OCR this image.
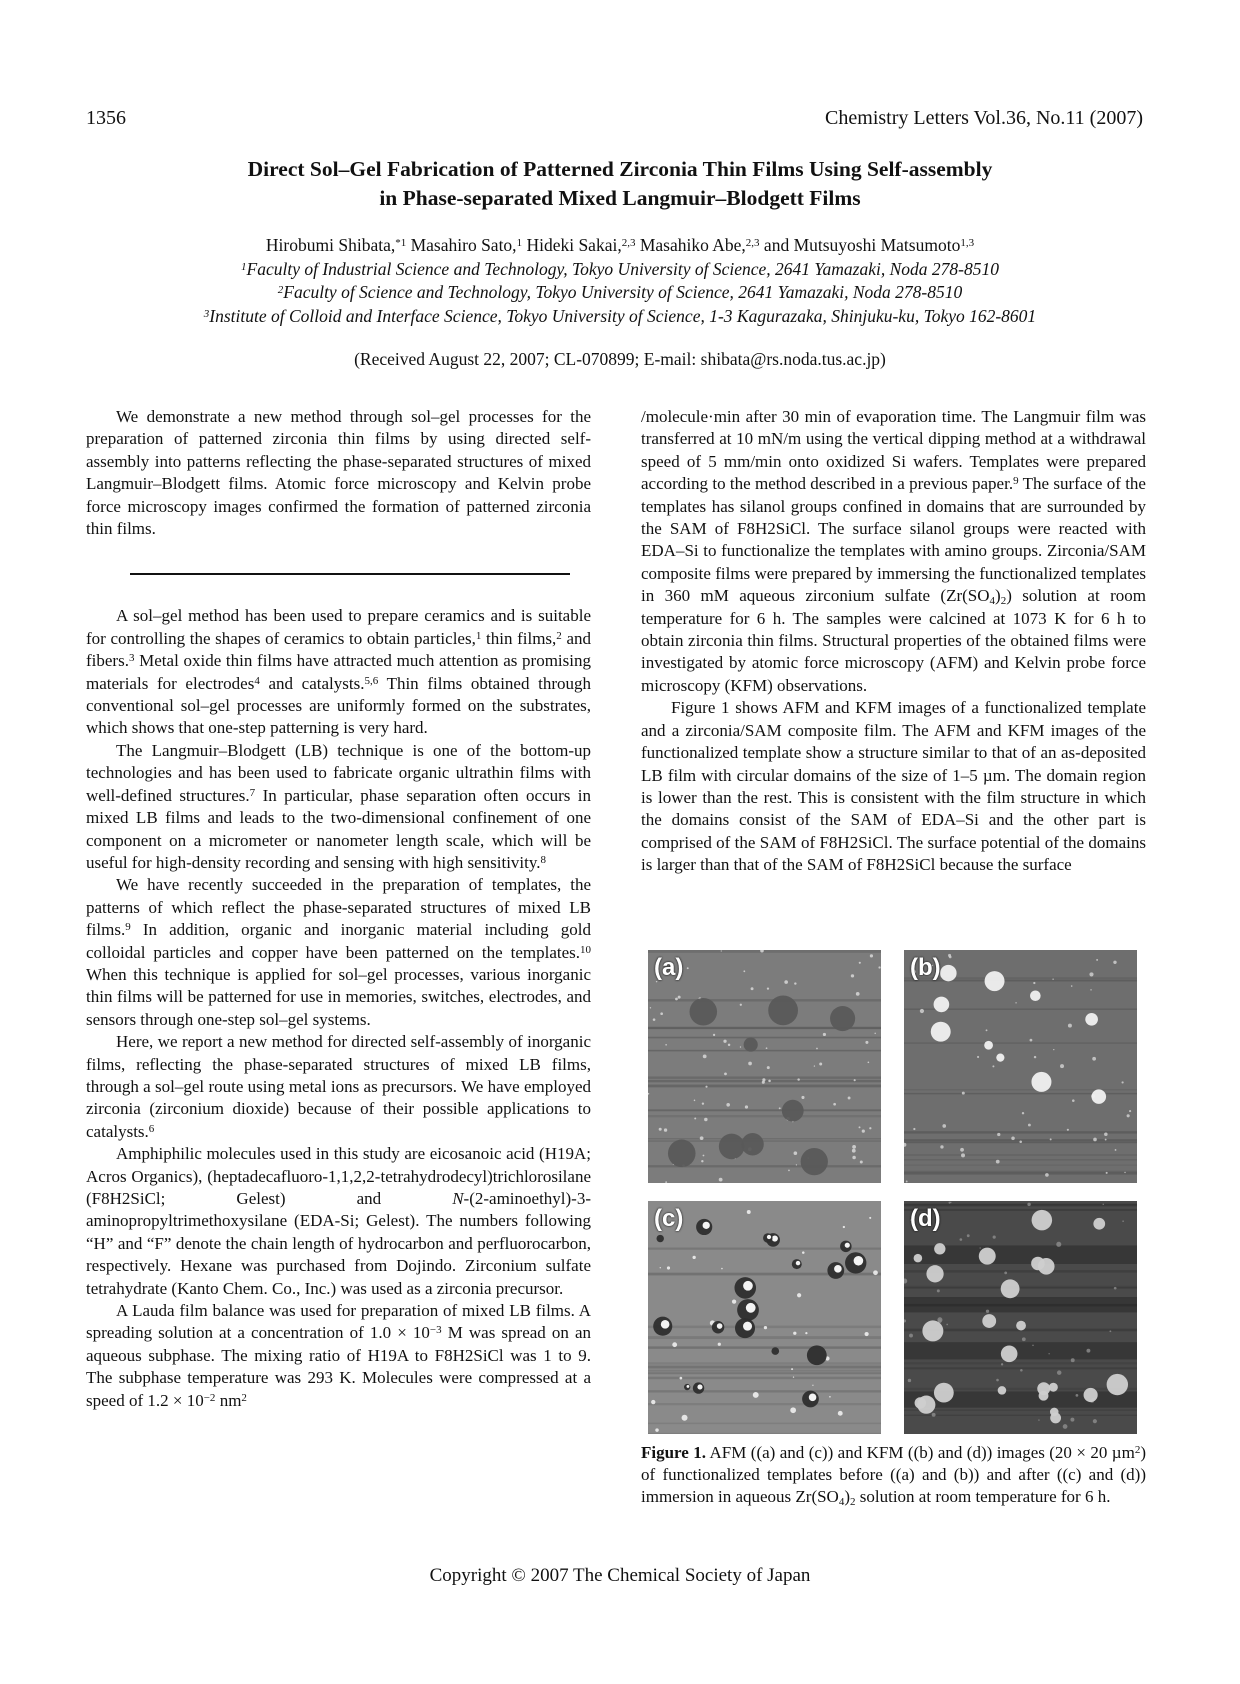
1356	Chemistry Letters Vol.36, No.11 (2007)
Direct Sol–Gel Fabrication of Patterned Zirconia Thin Films Using Self-assembly
in Phase-separated Mixed Langmuir–Blodgett Films
Hirobumi Shibata,$^{*1}$ Masahiro Sato,$^1$ Hideki Sakai,$^{2,3}$ Masahiko Abe,$^{2,3}$ and Mutsuyoshi Matsumoto$^{1,3}$
$^1$Faculty of Industrial Science and Technology, Tokyo University of Science, 2641 Yamazaki, Noda 278-8510
$^2$Faculty of Science and Technology, Tokyo University of Science, 2641 Yamazaki, Noda 278-8510
$^3$Institute of Colloid and Interface Science, Tokyo University of Science, 1-3 Kagurazaka, Shinjuku-ku, Tokyo 162-8601
(Received August 22, 2007; CL-070899; E-mail: shibata@rs.noda.tus.ac.jp)

We demonstrate a new method through sol–gel processes for the preparation of patterned zirconia thin films by using directed self-assembly into patterns reflecting the phase-separated structures of mixed Langmuir–Blodgett films. Atomic force microscopy and Kelvin probe force microscopy images confirmed the formation of patterned zirconia thin films.

A sol–gel method has been used to prepare ceramics and is suitable for controlling the shapes of ceramics to obtain particles,$^1$ thin films,$^2$ and fibers.$^3$ Metal oxide thin films have attracted much attention as promising materials for electrodes$^4$ and catalysts.$^{5,6}$ Thin films obtained through conventional sol–gel processes are uniformly formed on the substrates, which shows that one-step patterning is very hard.

The Langmuir–Blodgett (LB) technique is one of the bottom-up technologies and has been used to fabricate organic ultrathin films with well-defined structures.$^7$ In particular, phase separation often occurs in mixed LB films and leads to the two-dimensional confinement of one component on a micrometer or nanometer length scale, which will be useful for high-density recording and sensing with high sensitivity.$^8$

We have recently succeeded in the preparation of templates, the patterns of which reflect the phase-separated structures of mixed LB films.$^9$ In addition, organic and inorganic material including gold colloidal particles and copper have been patterned on the templates.$^{10}$ When this technique is applied for sol–gel processes, various inorganic thin films will be patterned for use in memories, switches, electrodes, and sensors through one-step sol–gel systems.

Here, we report a new method for directed self-assembly of inorganic films, reflecting the phase-separated structures of mixed LB films, through a sol–gel route using metal ions as precursors. We have employed zirconia (zirconium dioxide) because of their possible applications to catalysts.$^6$

Amphiphilic molecules used in this study are eicosanoic acid (H19A; Acros Organics), (heptadecafluoro-1,1,2,2-tetrahydrodecyl)trichlorosilane (F8H2SiCl; Gelest) and N-(2-aminoethyl)-3-aminopropyltrimethoxysilane (EDA-Si; Gelest). The numbers following “H” and “F” denote the chain length of hydrocarbon and perfluorocarbon, respectively. Hexane was purchased from Dojindo. Zirconium sulfate tetrahydrate (Kanto Chem. Co., Inc.) was used as a zirconia precursor.

A Lauda film balance was used for preparation of mixed LB films. A spreading solution at a concentration of $1.0 \times 10^{-3}$ M was spread on an aqueous subphase. The mixing ratio of H19A to F8H2SiCl was 1 to 9. The subphase temperature was 293 K. Molecules were compressed at a speed of $1.2 \times 10^{-2}$ $nm^2$

/molecule·min after 30 min of evaporation time. The Langmuir film was transferred at 10 mN/m using the vertical dipping method at a withdrawal speed of 5 mm/min onto oxidized Si wafers. Templates were prepared according to the method described in a previous paper.$^9$ The surface of the templates has silanol groups confined in domains that are surrounded by the SAM of F8H2SiCl. The surface silanol groups were reacted with EDA–Si to functionalize the templates with amino groups. Zirconia/SAM composite films were prepared by immersing the functionalized templates in 360 mM aqueous zirconium sulfate $(Zr(SO_4)_2)$ solution at room temperature for 6 h. The samples were calcined at 1073 K for 6 h to obtain zirconia thin films. Structural properties of the obtained films were investigated by atomic force microscopy (AFM) and Kelvin probe force microscopy (KFM) observations.

Figure 1 shows AFM and KFM images of a functionalized template and a zirconia/SAM composite film. The AFM and KFM images of the functionalized template show a structure similar to that of an as-deposited LB film with circular domains of the size of 1–5 µm. The domain region is lower than the rest. This is consistent with the film structure in which the domains consist of the SAM of EDA–Si and the other part is comprised of the SAM of F8H2SiCl. The surface potential of the domains is larger than that of the SAM of F8H2SiCl because the surface

(a)	(b)
(c)	(d)
Figure 1. AFM ((a) and (c)) and KFM ((b) and (d)) images (20 × 20 µm$^2$) of functionalized templates before ((a) and (b)) and after ((c) and (d)) immersion in aqueous $Zr(SO_4)_2$ solution at room temperature for 6 h.
Copyright © 2007 The Chemical Society of Japan
